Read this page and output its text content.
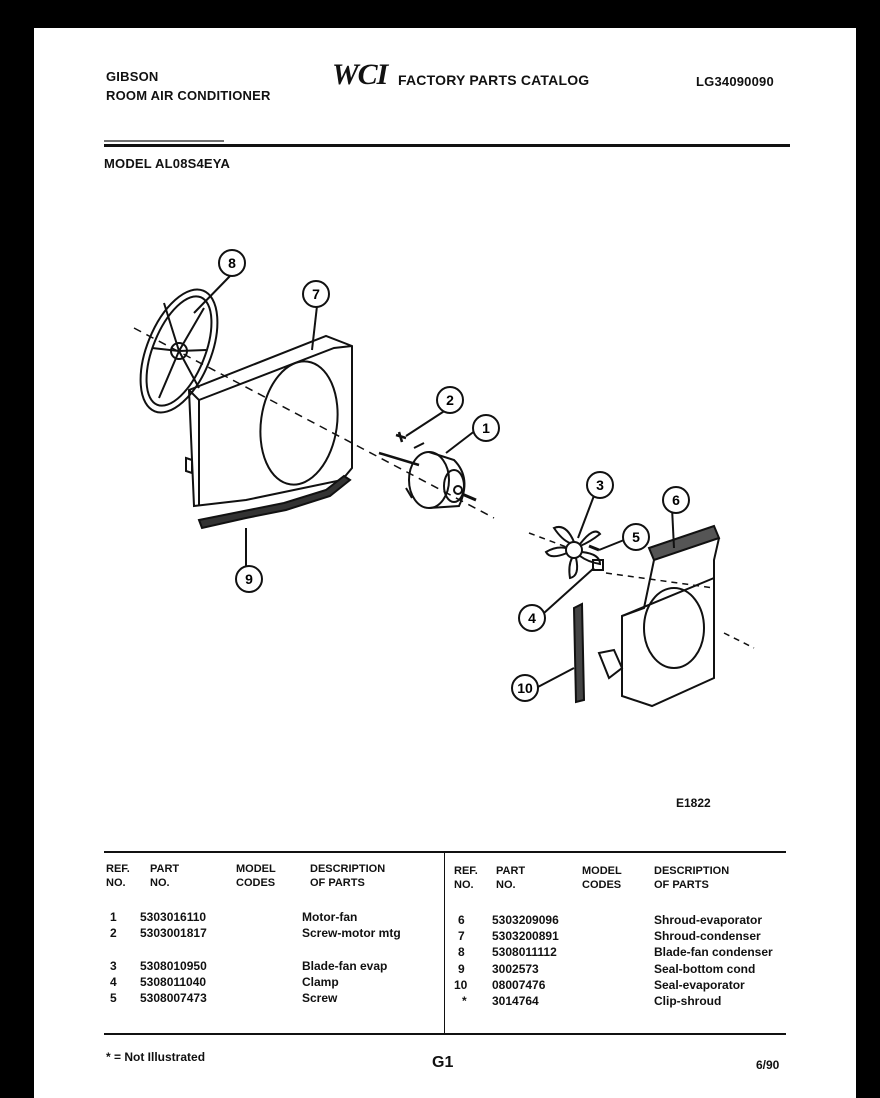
GIBSON
ROOM AIR CONDITIONER
WCI FACTORY PARTS CATALOG	LG34090090
MODEL AL08S4EYA
1
2
3
4
5
6
7
8
9
10
E1822
REF.
NO.
PART
NO.
MODEL
CODES
DESCRIPTION
OF PARTS
REF.
NO.
PART
NO.
MODEL
CODES
DESCRIPTION
OF PARTS
1 5303016110	Motor-fan
2 5303001817	Screw-motor mtg
3 5308010950	Blade-fan evap
4 5308011040	Clamp
5 5308007473	Screw
6 5303209096	Shroud-evaporator
7 5303200891	Shroud-condenser
8 5308011112	Blade-fan condenser
9 3002573	Seal-bottom cond
10 08007476	Seal-evaporator
* 3014764	Clip-shroud
* = Not Illustrated	G1	6/90
